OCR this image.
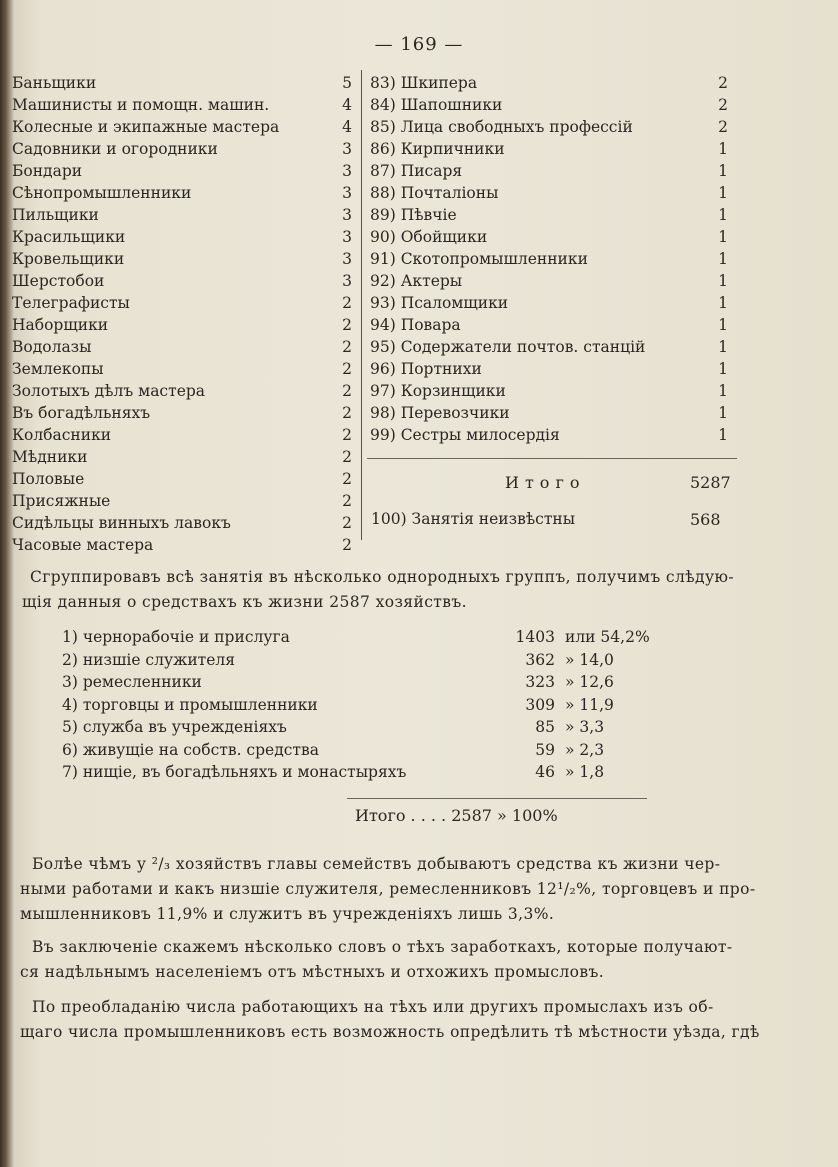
— 169 —
Баньщики	5
Машинисты и помощн. машин.	4
Колесные и экипажные мастера	4
Садовники и огородники	3
Бондари	3
Сѣнопромышленники	3
Пильщики	3
Красильщики	3
Кровельщики	3
Шерстобои	3
Телеграфисты	2
Наборщики	2
Водолазы	2
Землекопы	2
Золотыхъ дѣлъ мастера	2
Въ богадѣльняхъ	2
Колбасники	2
Мѣдники	2
Половые	2
Присяжные	2
Сидѣльцы винныхъ лавокъ	2
Часовые мастера	2
83) Шкипера	2
84) Шапошники	2
85) Лица свободныхъ профессій	2
86) Кирпичники	1
87) Писаря	1
88) Почталіоны	1
89) Пѣвчіе	1
90) Обойщики	1
91) Скотопромышленники	1
92) Актеры	1
93) Псаломщики	1
94) Повара	1
95) Содержатели почтов. станцій	1
96) Портнихи	1
97) Корзинщики	1
98) Перевозчики	1
99) Сестры милосердія	1
Итого	5287
100) Занятія неизвѣстны	568
Сгруппировавъ всѣ занятія въ нѣсколько однородныхъ группъ, получимъ слѣдую-
щія данныя о средствахъ къ жизни 2587 хозяйствъ.
1) чернорабочіе и прислуга	1403 или 54,2%
2) низшіе служителя	362 » 14,0
3) ремесленники	323 » 12,6
4) торговцы и промышленники	309 » 11,9
5) служба въ учрежденіяхъ	85 » 3,3
6) живущіе на собств. средства	59 » 2,3
7) нищіе, въ богадѣльняхъ и монастыряхъ	46 » 1,8
Итого . . . . 2587 » 100%
Болѣе чѣмъ у ²/₃ хозяйствъ главы семействъ добываютъ средства къ жизни чер-
ными работами и какъ низшіе служителя, ремесленниковъ 12¹/₂%, торговцевъ и про-
мышленниковъ 11,9% и служитъ въ учрежденіяхъ лишь 3,3%.
Въ заключеніе скажемъ нѣсколько словъ о тѣхъ заработкахъ, которые получают-
ся надѣльнымъ населеніемъ отъ мѣстныхъ и отхожихъ промысловъ.
По преобладанію числа работающихъ на тѣхъ или другихъ промыслахъ изъ об-
щаго числа промышленниковъ есть возможность опредѣлить тѣ мѣстности уѣзда, гдѣ
